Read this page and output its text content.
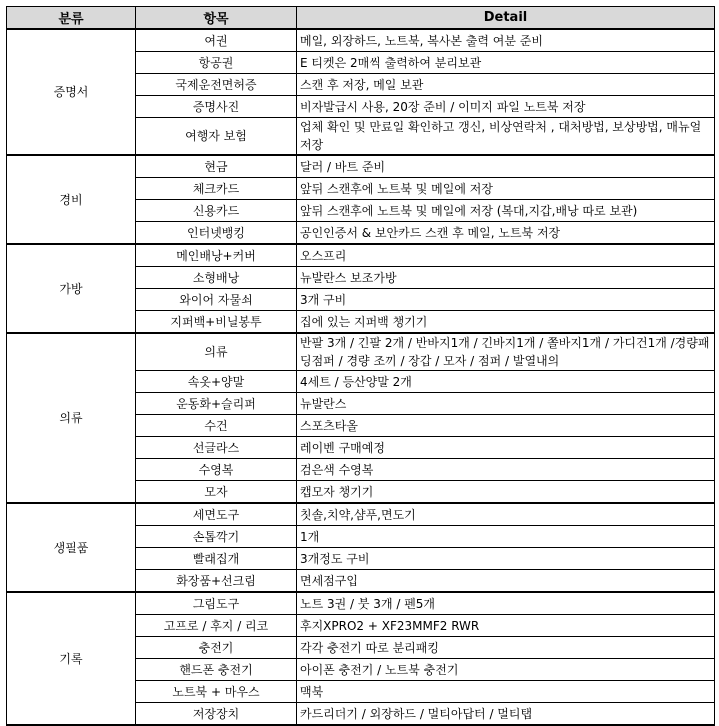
분류	항목	Detail
증명서	여권	메일, 외장하드, 노트북, 복사본 출력 여분 준비
	항공권	E 티켓은 2매씩 출력하여 분리보관
	국제운전면허증	스캔 후 저장, 메일 보관
	증명사진	비자발급시 사용, 20장 준비 / 이미지 파일 노트북 저장
	여행자 보험	업체 확인 및 만료일 확인하고 갱신, 비상연락처 , 대처방법, 보상방법, 매뉴얼 저장
경비	현금	달러 / 바트 준비
	체크카드	앞뒤 스캔후에 노트북 및 메일에 저장
	신용카드	앞뒤 스캔후에 노트북 및 메일에 저장 (복대,지갑,배낭 따로 보관)
	인터넷뱅킹	공인인증서 & 보안카드 스캔 후 메일, 노트북 저장
가방	메인배낭+커버	오스프리
	소형배낭	뉴발란스 보조가방
	와이어 자물쇠	3개 구비
	지퍼백+비닐봉투	집에 있는 지퍼백 챙기기
의류	의류	반팔 3개 / 긴팔 2개 / 반바지1개 / 긴바지1개 / 쫄바지1개 / 가디건1개 /경량패딩점퍼 / 경량 조끼 / 장갑 / 모자 / 점퍼 / 발열내의
	속옷+양말	4세트 / 등산양말 2개
	운동화+슬리퍼	뉴발란스
	수건	스포츠타올
	선글라스	레이벤 구매예정
	수영복	검은색 수영복
	모자	캡모자 챙기기
생필품	세면도구	칫솔,치약,샴푸,면도기
	손톱깍기	1개
	빨래집개	3개정도 구비
	화장품+선크림	면세점구입
기록	그림도구	노트 3권 / 붓 3개 / 펜5개
	고프로 / 후지 / 리코	후지XPRO2 + XF23MMF2 RWR
	충전기	각각 충전기 따로 분리패킹
	핸드폰 충전기	아이폰 충전기 / 노트북 충전기
	노트북 + 마우스	맥북
	저장장치	카드리더기 / 외장하드 / 멀티아답터 / 멀티탭
